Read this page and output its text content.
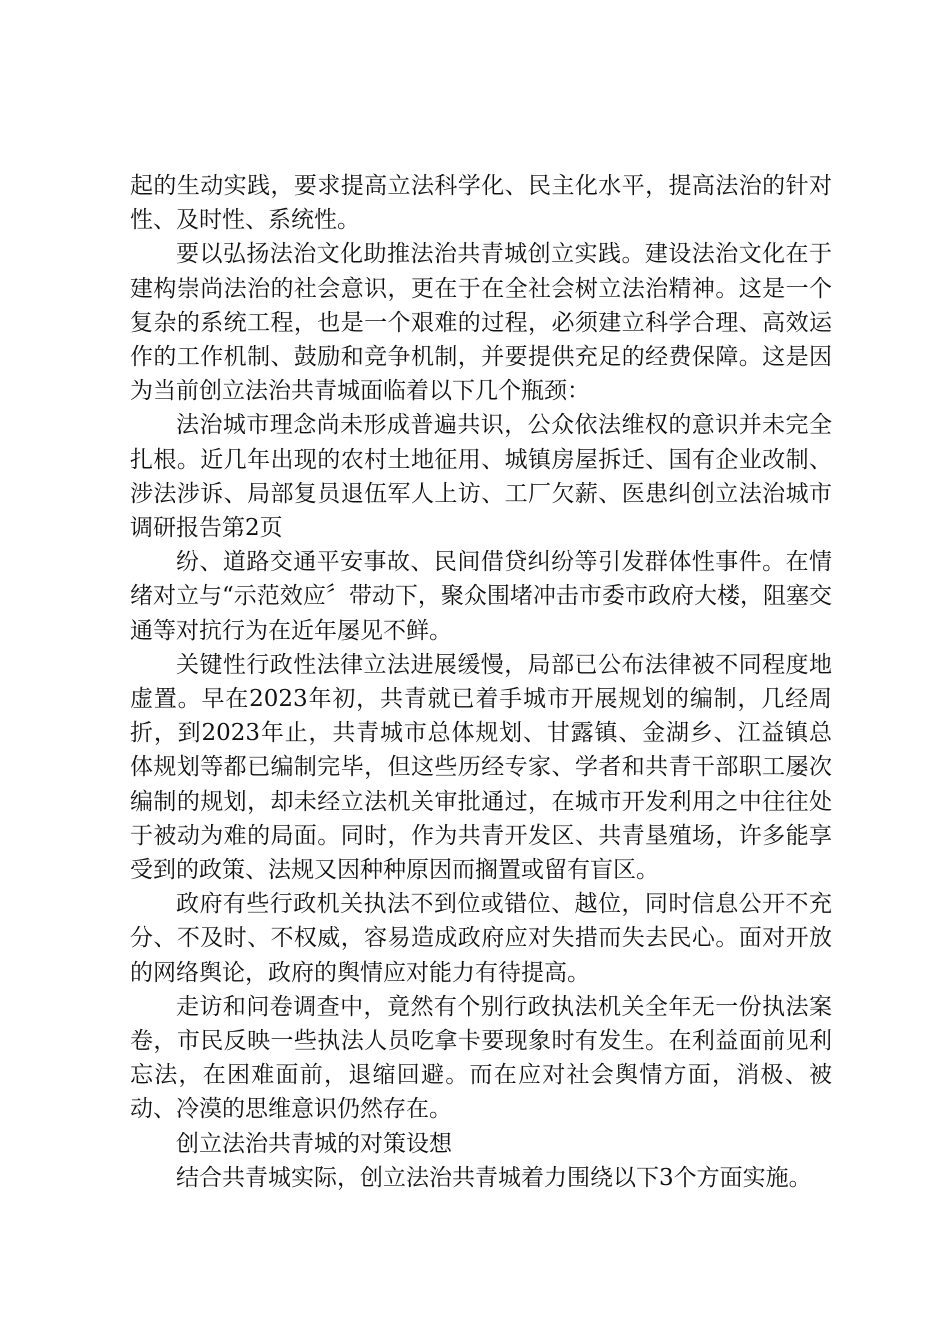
起的生动实践，要求提高立法科学化、民主化水平，提高法治的针对性、及时性、系统性。

要以弘扬法治文化助推法治共青城创立实践。建设法治文化在于建构崇尚法治的社会意识，更在于在全社会树立法治精神。这是一个复杂的系统工程，也是一个艰难的过程，必须建立科学合理、高效运作的工作机制、鼓励和竞争机制，并要提供充足的经费保障。这是因为当前创立法治共青城面临着以下几个瓶颈：

法治城市理念尚未形成普遍共识，公众依法维权的意识并未完全扎根。近几年出现的农村土地征用、城镇房屋拆迁、国有企业改制、涉法涉诉、局部复员退伍军人上访、工厂欠薪、医患纠创立法治城市调研报告第2页

纷、道路交通平安事故、民间借贷纠纷等引发群体性事件。在情绪对立与“示范效应〞带动下，聚众围堵冲击市委市政府大楼，阻塞交通等对抗行为在近年屡见不鲜。

关键性行政性法律立法进展缓慢，局部已公布法律被不同程度地虚置。早在2023年初，共青就已着手城市开展规划的编制，几经周折，到2023年止，共青城市总体规划、甘露镇、金湖乡、江益镇总体规划等都已编制完毕，但这些历经专家、学者和共青干部职工屡次编制的规划，却未经立法机关审批通过，在城市开发利用之中往往处于被动为难的局面。同时，作为共青开发区、共青垦殖场，许多能享受到的政策、法规又因种种原因而搁置或留有盲区。

政府有些行政机关执法不到位或错位、越位，同时信息公开不充分、不及时、不权威，容易造成政府应对失措而失去民心。面对开放的网络舆论，政府的舆情应对能力有待提高。

走访和问卷调查中，竟然有个别行政执法机关全年无一份执法案卷，市民反映一些执法人员吃拿卡要现象时有发生。在利益面前见利忘法，在困难面前，退缩回避。而在应对社会舆情方面，消极、被动、冷漠的思维意识仍然存在。

创立法治共青城的对策设想

结合共青城实际，创立法治共青城着力围绕以下3个方面实施。
